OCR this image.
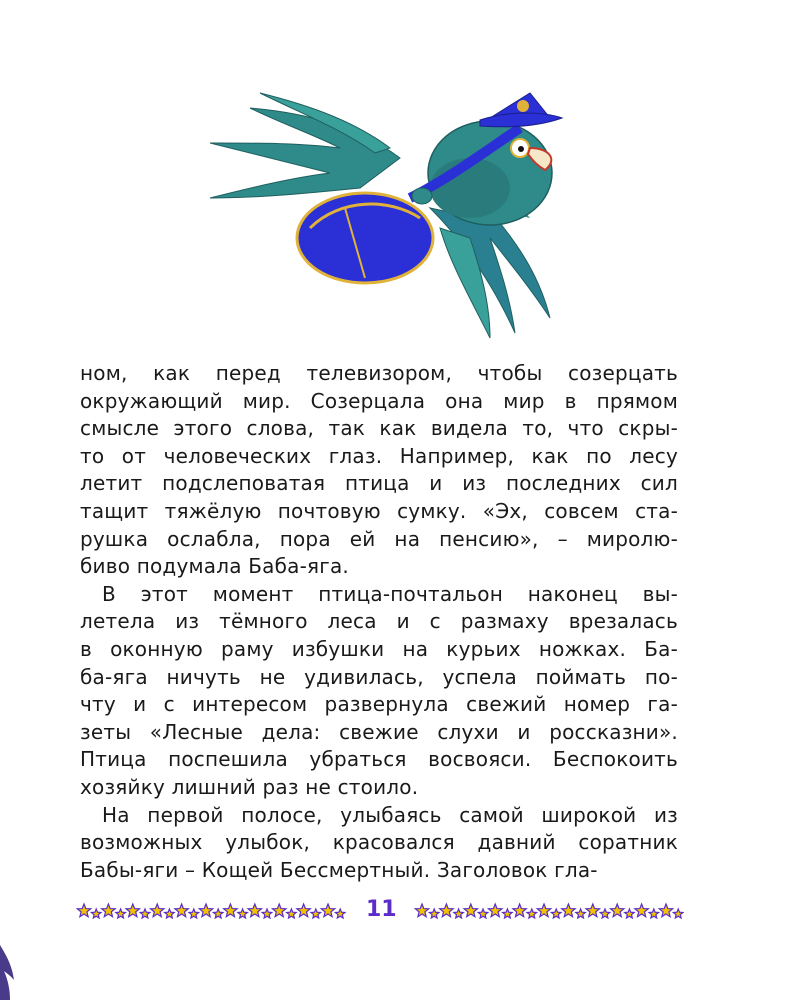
ном, как перед телевизором, чтобы созерцать
окружающий мир. Созерцала она мир в прямом
смысле этого слова, так как видела то, что скры-
то от человеческих глаз. Например, как по лесу
летит подслеповатая птица и из последних сил
тащит тяжёлую почтовую сумку. «Эх, совсем ста-
рушка ослабла, пора ей на пенсию», – миролю-
биво подумала Баба-яга.
В этот момент птица-почтальон наконец вы-
летела из тёмного леса и с размаху врезалась
в оконную раму избушки на курьих ножках. Ба-
ба-яга ничуть не удивилась, успела поймать по-
чту и с интересом развернула свежий номер га-
зеты «Лесные дела: свежие слухи и россказни».
Птица поспешила убраться восвояси. Беспокоить
хозяйку лишний раз не стоило.
На первой полосе, улыбаясь самой широкой из
возможных улыбок, красовался давний соратник
Бабы-яги – Кощей Бессмертный. Заголовок гла-
11
